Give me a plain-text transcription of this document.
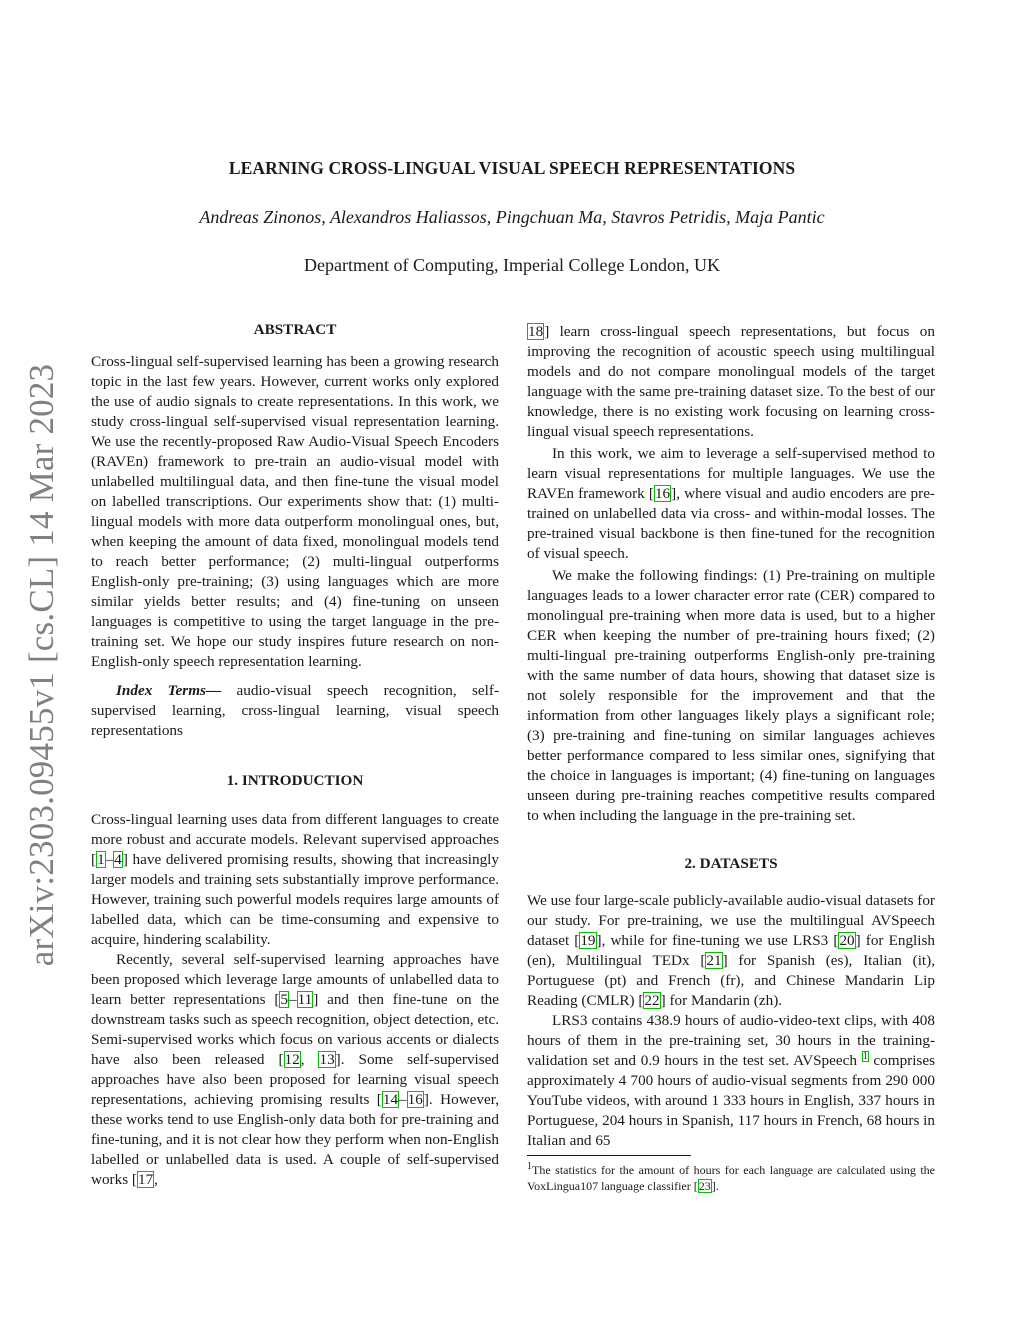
arXiv:2303.09455v1 [cs.CL] 14 Mar 2023
LEARNING CROSS-LINGUAL VISUAL SPEECH REPRESENTATIONS
Andreas Zinonos, Alexandros Haliassos, Pingchuan Ma, Stavros Petridis, Maja Pantic
Department of Computing, Imperial College London, UK
ABSTRACT

Cross-lingual self-supervised learning has been a growing research topic in the last few years. However, current works only explored the use of audio signals to create representations. In this work, we study cross-lingual self-supervised visual representation learning. We use the recently-proposed Raw Audio-Visual Speech Encoders (RAVEn) framework to pre-train an audio-visual model with unlabelled multilingual data, and then fine-tune the visual model on labelled transcriptions. Our experiments show that: (1) multi-lingual models with more data outperform monolingual ones, but, when keeping the amount of data fixed, monolingual models tend to reach better performance; (2) multi-lingual outperforms English-only pre-training; (3) using languages which are more similar yields better results; and (4) fine-tuning on unseen languages is competitive to using the target language in the pre-training set. We hope our study inspires future research on non-English-only speech representation learning.

Index Terms— audio-visual speech recognition, self-supervised learning, cross-lingual learning, visual speech representations

1. INTRODUCTION

Cross-lingual learning uses data from different languages to create more robust and accurate models. Relevant supervised approaches [1–4] have delivered promising results, showing that increasingly larger models and training sets substantially improve performance. However, training such powerful models requires large amounts of labelled data, which can be time-consuming and expensive to acquire, hindering scalability.

Recently, several self-supervised learning approaches have been proposed which leverage large amounts of unlabelled data to learn better representations [5–11] and then fine-tune on the downstream tasks such as speech recognition, object detection, etc. Semi-supervised works which focus on various accents or dialects have also been released [12, 13]. Some self-supervised approaches have also been proposed for learning visual speech representations, achieving promising results [14–16]. However, these works tend to use English-only data both for pre-training and fine-tuning, and it is not clear how they perform when non-English labelled or unlabelled data is used. A couple of self-supervised works [17,

18] learn cross-lingual speech representations, but focus on improving the recognition of acoustic speech using multilingual models and do not compare monolingual models of the target language with the same pre-training dataset size. To the best of our knowledge, there is no existing work focusing on learning cross-lingual visual speech representations.

In this work, we aim to leverage a self-supervised method to learn visual representations for multiple languages. We use the RAVEn framework [16], where visual and audio encoders are pre-trained on unlabelled data via cross- and within-modal losses. The pre-trained visual backbone is then fine-tuned for the recognition of visual speech.

We make the following findings: (1) Pre-training on multiple languages leads to a lower character error rate (CER) compared to monolingual pre-training when more data is used, but to a higher CER when keeping the number of pre-training hours fixed; (2) multi-lingual pre-training outperforms English-only pre-training with the same number of data hours, showing that dataset size is not solely responsible for the improvement and that the information from other languages likely plays a significant role; (3) pre-training and fine-tuning on similar languages achieves better performance compared to less similar ones, signifying that the choice in languages is important; (4) fine-tuning on languages unseen during pre-training reaches competitive results compared to when including the language in the pre-training set.

2. DATASETS

We use four large-scale publicly-available audio-visual datasets for our study. For pre-training, we use the multilingual AVSpeech dataset [19], while for fine-tuning we use LRS3 [20] for English (en), Multilingual TEDx [21] for Spanish (es), Italian (it), Portuguese (pt) and French (fr), and Chinese Mandarin Lip Reading (CMLR) [22] for Mandarin (zh).

LRS3 contains 438.9 hours of audio-video-text clips, with 408 hours of them in the pre-training set, 30 hours in the training-validation set and 0.9 hours in the test set. AVSpeech $^1$ comprises approximately 4 700 hours of audio-visual segments from 290 000 YouTube videos, with around 1 333 hours in English, 337 hours in Portuguese, 204 hours in Spanish, 117 hours in French, 68 hours in Italian and 65

$^1$The statistics for the amount of hours for each language are calculated using the VoxLingua107 language classifier [23].
